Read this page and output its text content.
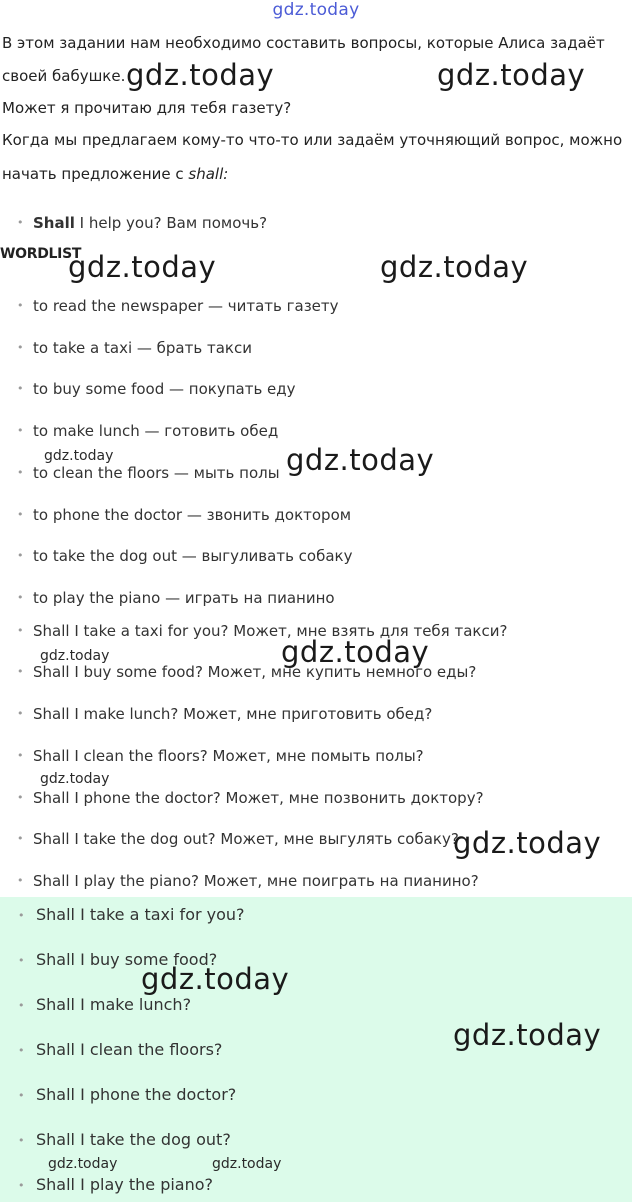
gdz.today
В этом задании нам необходимо составить вопросы, которые Алиса задаёт
своей бабушке.
Может я прочитаю для тебя газету?
Когда мы предлагаем кому-то что-то или задаём уточняющий вопрос, можно
начать предложение с shall:
• Shall I help you? Вам помочь?
WORDLIST
• to read the newspaper — читать газету
• to take a taxi — брать такси
• to buy some food — покупать еду
• to make lunch — готовить обед
• to clean the floors — мыть полы
• to phone the doctor — звонить доктором
• to take the dog out — выгуливать собаку
• to play the piano — играть на пианино
• Shall I take a taxi for you? Может, мне взять для тебя такси?
• Shall I buy some food? Может, мне купить немного еды?
• Shall I make lunch? Может, мне приготовить обед?
• Shall I clean the floors? Может, мне помыть полы?
• Shall I phone the doctor? Может, мне позвонить доктору?
• Shall I take the dog out? Может, мне выгулять собаку?
• Shall I play the piano? Может, мне поиграть на пианино?
• Shall I take a taxi for you?
• Shall I buy some food?
• Shall I make lunch?
• Shall I clean the floors?
• Shall I phone the doctor?
• Shall I take the dog out?
• Shall I play the piano?
gdz.today	gdz.today
gdz.today	gdz.today
gdz.today	gdz.today
gdz.today	gdz.today
gdz.today
gdz.today
gdz.today
gdz.today
gdz.today	gdz.today
